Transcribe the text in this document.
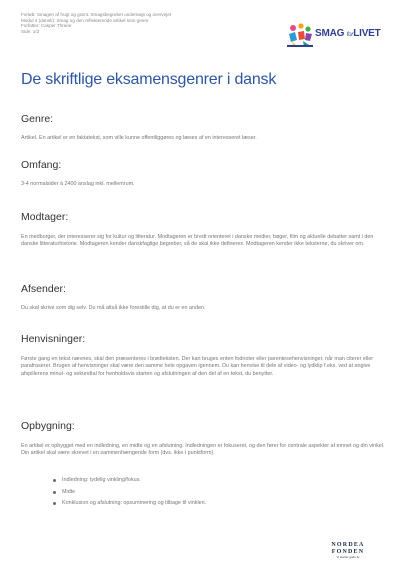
Forløb: Smagen af frugt og grønt. Smagsbegrebet undersøgt og overvejet
Modul 4 (dansk): Smag og den reflekterende artikel som genre
Forfatter: Casper Thrane
Side: 1/2	SMAG forLIVET
De skriftlige eksamensgenrer i dansk
Genre:
Artikel. En artikel er en faktatekst, som ville kunne offentliggøres og læses af en interesseret læser.
Omfang:
3-4 normalsider á 2400 anslag inkl. mellemrum.
Modtager:
En medborger, der interesserer sig for kultur og litteratur. Modtageren er bredt orienteret i danske medier, bøger, film og aktuelle debatter samt i den danske litteraturhistorie. Modtageren kender danskfaglige begreber, så de skal ikke defineres. Modtageren kender ikke teksterne, du skriver om.
Afsender:
Du skal skrive som dig selv. Du må altså ikke forestille dig, at du er en anden.
Henvisninger:
Første gang en tekst nævnes, skal den præsenteres i brødteksten. Der kan bruges enten fodnoter eller parentesehenvisninger, når man citerer eller parafraserer. Brugen af henvisninger skal være den samme hele opgaven igennem. Du kan henvise til dele af video- og lydklip f.eks. ved at angive afspillerens minut- og sekundtal for henholdsvis starten og afslutningen af den del af en tekst, du benytter.
Opbygning:
En artikel er opbygget med en indledning, en midte og en afslutning. Indledningen er fokuseret, og den fører for centrale aspekter af emnet og din vinkel. Din artikel skal være skrevet i en sammenhængende form (dvs. ikke i punktform).
Indledning: tydelig vinkling/fokus.
Midte
Konklusion og afslutning: opsummering og tilbage til vinklen.
NORDEA
FONDEN
Vi støtter gode liv
